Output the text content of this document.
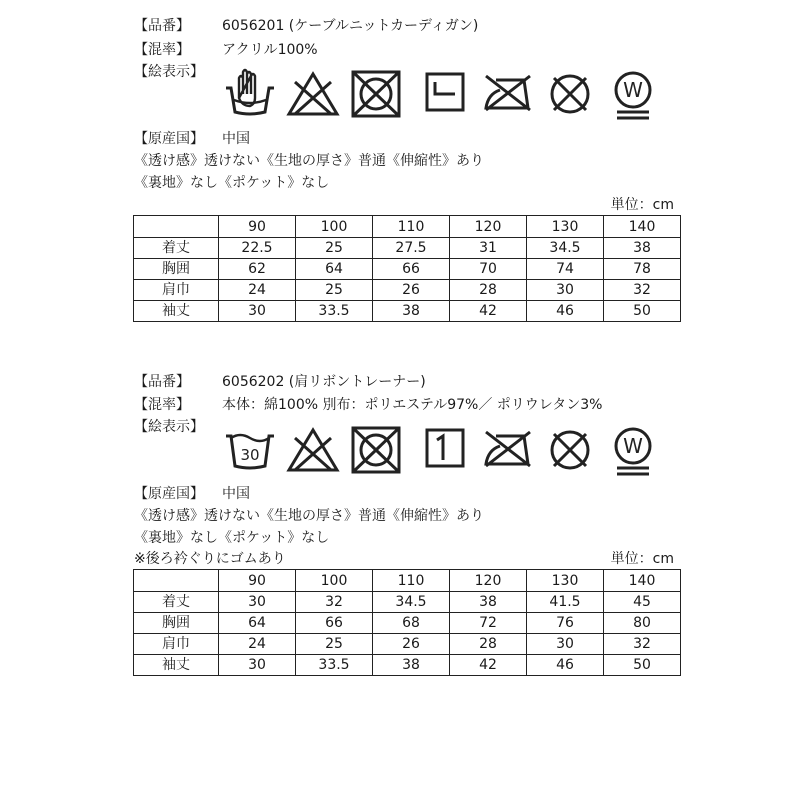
【品番】 6056201 (ケーブルニットカーディガン)
【混率】 アクリル100%
【絵表示】
W
【原産国】 中国
《透け感》透けない《生地の厚さ》普通《伸縮性》あり
《裏地》なし《ポケット》なし
単位：cm
	90	100	110	120	130	140
着丈	22.5	25	27.5	31	34.5	38
胸囲	62	64	66	70	74	78
肩巾	24	25	26	28	30	32
袖丈	30	33.5	38	42	46	50
【品番】 6056202 (肩リボントレーナー)
【混率】 本体：綿100% 別布：ポリエステル97%／ ポリウレタン3%
【絵表示】
30	W
【原産国】 中国
《透け感》透けない《生地の厚さ》普通《伸縮性》あり
《裏地》なし《ポケット》なし
※後ろ衿ぐりにゴムあり	単位：cm
	90	100	110	120	130	140
着丈	30	32	34.5	38	41.5	45
胸囲	64	66	68	72	76	80
肩巾	24	25	26	28	30	32
袖丈	30	33.5	38	42	46	50
